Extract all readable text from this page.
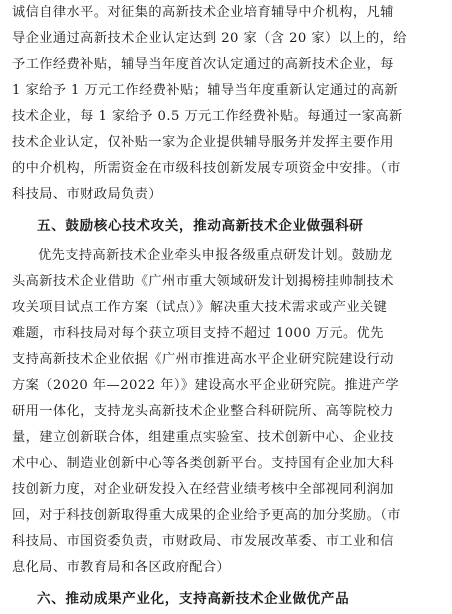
诚信自律水平。对征集的高新技术企业培育辅导中介机构，凡辅
导企业通过高新技术企业认定达到 20 家（含 20 家）以上的，给
予工作经费补贴，辅导当年度首次认定通过的高新技术企业，每
1 家给予 1 万元工作经费补贴；辅导当年度重新认定通过的高新
技术企业，每 1 家给予 0.5 万元工作经费补贴。每通过一家高新
技术企业认定，仅补贴一家为企业提供辅导服务并发挥主要作用
的中介机构，所需资金在市级科技创新发展专项资金中安排。（市
科技局、市财政局负责）
五、鼓励核心技术攻关，推动高新技术企业做强科研
优先支持高新技术企业牵头申报各级重点研发计划。鼓励龙
头高新技术企业借助《广州市重大领域研发计划揭榜挂帅制技术
攻关项目试点工作方案（试点）》解决重大技术需求或产业关键
难题，市科技局对每个获立项目支持不超过 1000 万元。优先
支持高新技术企业依据《广州市推进高水平企业研究院建设行动
方案（2020 年—2022 年）》建设高水平企业研究院。推进产学
研用一体化，支持龙头高新技术企业整合科研院所、高等院校力
量，建立创新联合体，组建重点实验室、技术创新中心、企业技
术中心、制造业创新中心等各类创新平台。支持国有企业加大科
技创新力度，对企业研发投入在经营业绩考核中全部视同利润加
回，对于科技创新取得重大成果的企业给予更高的加分奖励。（市
科技局、市国资委负责，市财政局、市发展改革委、市工业和信
息化局、市教育局和各区政府配合）
六、推动成果产业化，支持高新技术企业做优产品
